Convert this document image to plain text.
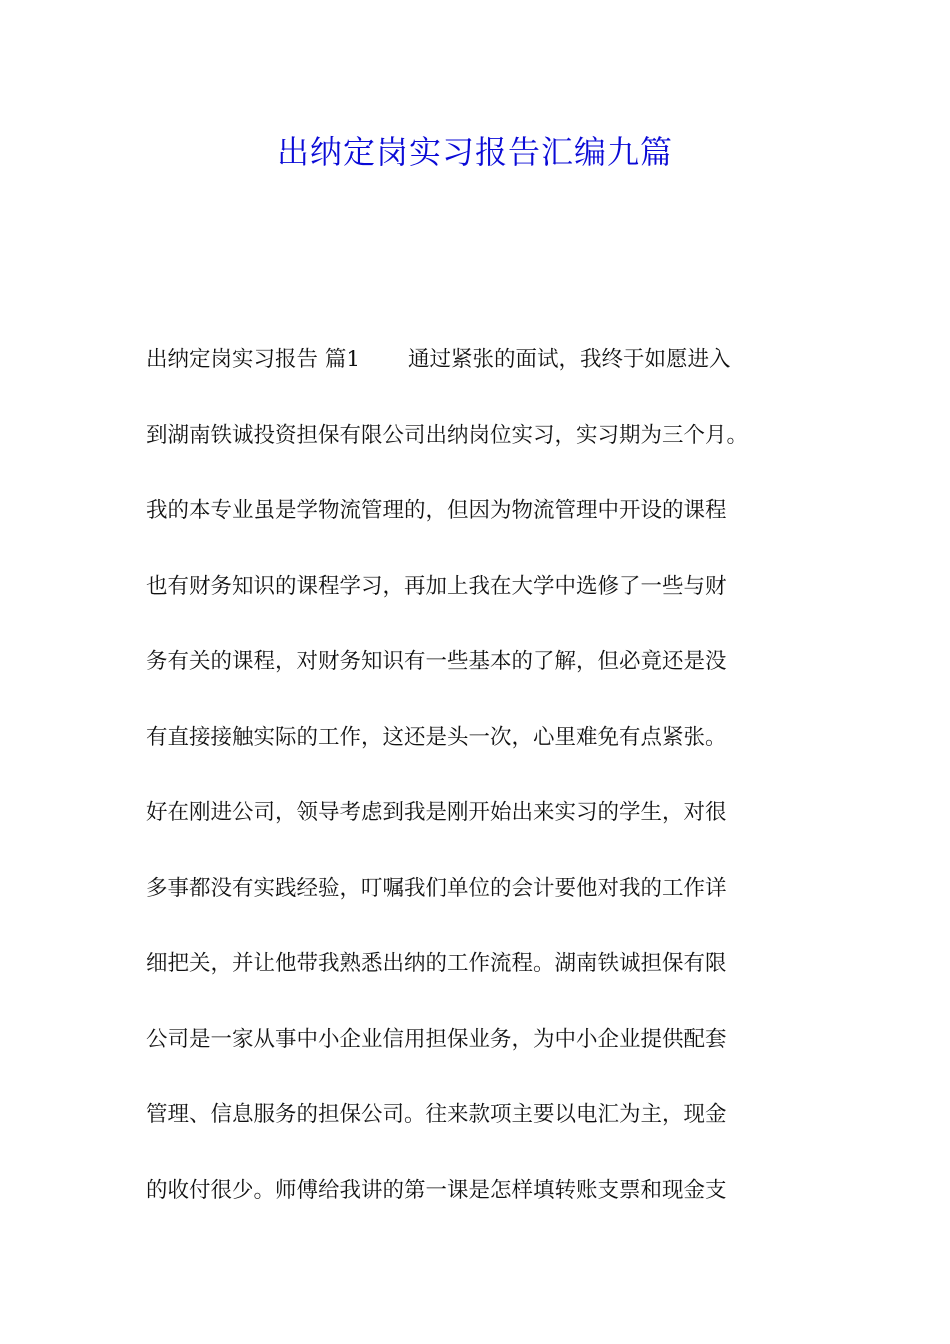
出纳定岗实习报告汇编九篇
出纳定岗实习报告 篇1 通过紧张的面试，我终于如愿进入
到湖南铁诚投资担保有限公司出纳岗位实习，实习期为三个月。
我的本专业虽是学物流管理的，但因为物流管理中开设的课程
也有财务知识的课程学习，再加上我在大学中选修了一些与财
务有关的课程，对财务知识有一些基本的了解，但必竟还是没
有直接接触实际的工作，这还是头一次，心里难免有点紧张。
好在刚进公司，领导考虑到我是刚开始出来实习的学生，对很
多事都没有实践经验，叮嘱我们单位的会计要他对我的工作详
细把关，并让他带我熟悉出纳的工作流程。湖南铁诚担保有限
公司是一家从事中小企业信用担保业务，为中小企业提供配套
管理、信息服务的担保公司。往来款项主要以电汇为主，现金
的收付很少。师傅给我讲的第一课是怎样填转账支票和现金支
